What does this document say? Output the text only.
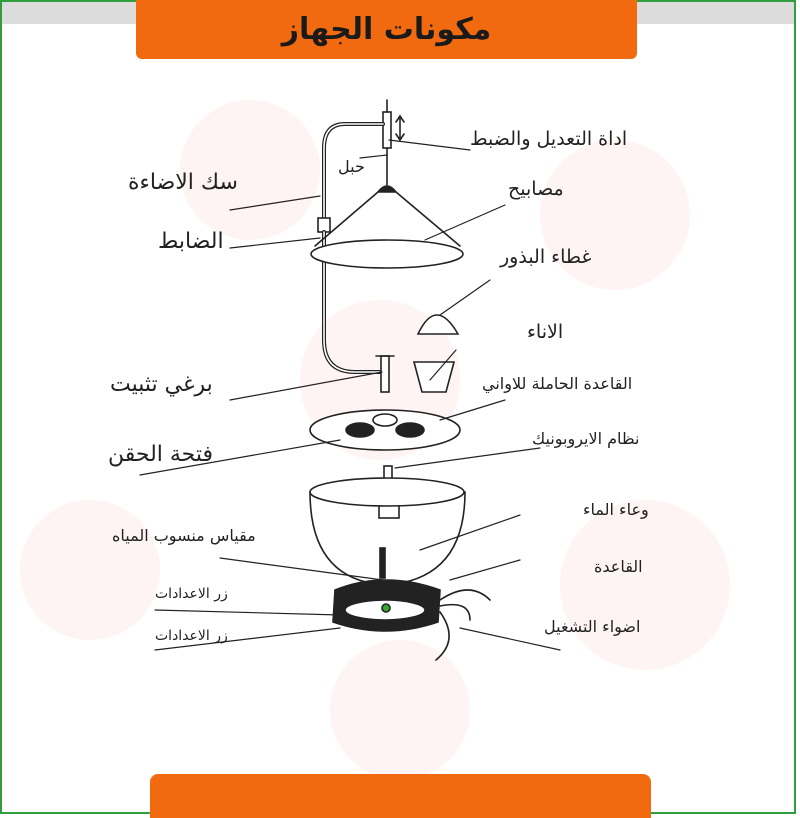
مكونات الجهاز
اداة التعديل والضبط
حبل
سك الاضاءة	مصابيح
الضابط
غطاء البذور
الاناء
برغي تثبيت	القاعدة الحاملة للاواني
نظام الايروبونيك
فتحة الحقن
وعاء الماء
مقياس منسوب المياه
القاعدة
زر الاعدادات
اضواء التشغيل
زر الاعدادات
